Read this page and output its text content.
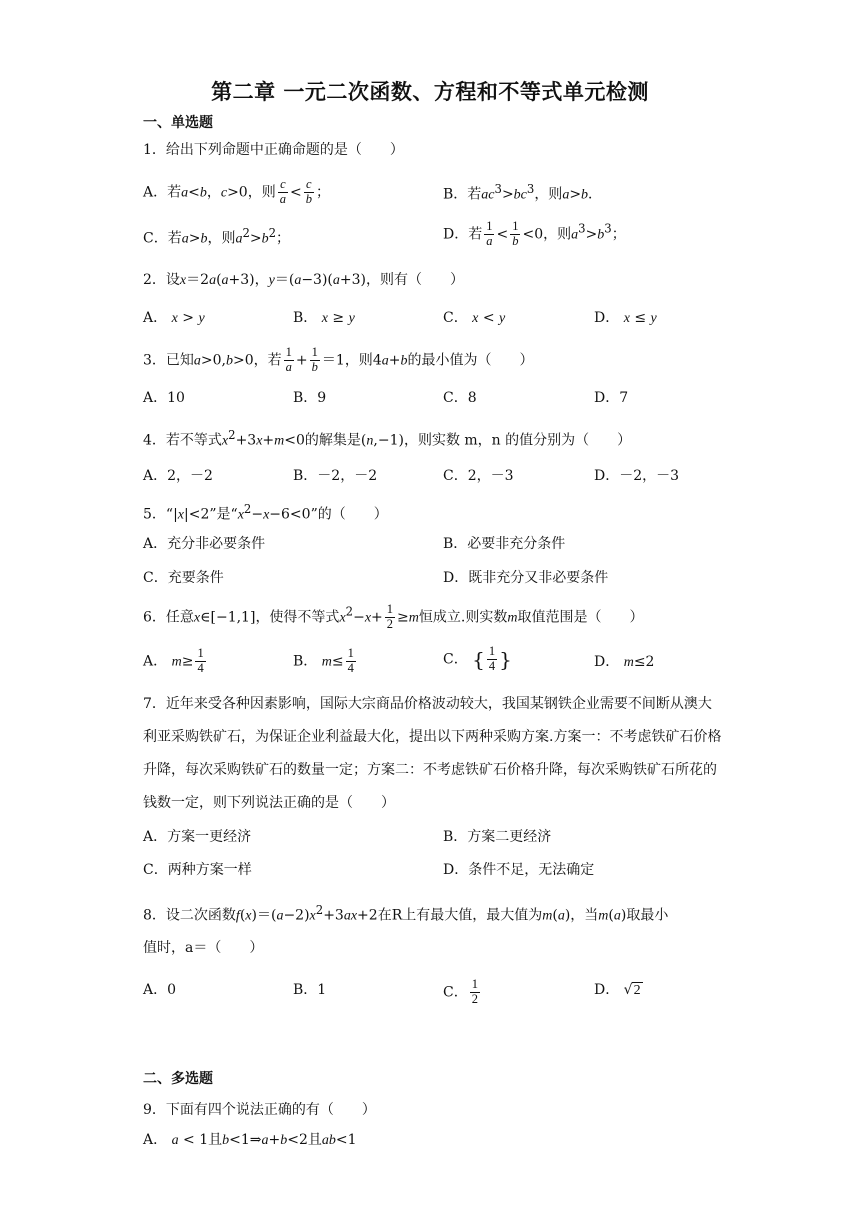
第二章 一元二次函数、方程和不等式单元检测
一、单选题
1．给出下列命题中正确命题的是（　　）
A．若a<b，c>0，则 $\frac{c}{a} < \frac{c}{b}$ ；	B．若$ac^3>bc^3$，则a>b．
C．若a>b，则$a^2>b^2$；	D．若 $\frac{1}{a} < \frac{1}{b} <0$，则$a^3>b^3$；
2．设x＝2a(a+3)，y＝(a−3)(a+3)，则有（　　）
A． x > y	B． x ≥ y	C． x < y	D． x ≤ y
3．已知a>0,b>0，若 $\frac{1}{a} + \frac{1}{b} =1$，则4a+b的最小值为（　　）
A．10	B．9	C．8	D．7
4．若不等式$x^2+3x+m<0$的解集是(n,−1)，则实数 m，n 的值分别为（　　）
A．2，－2	B．－2，－2	C．2，－3	D．－2，－3
5．“|x|<2”是“$x^2-x-6<0$”的（　　）
A．充分非必要条件	B．必要非充分条件
C．充要条件	D．既非充分又非必要条件
6．任意x∈[−1,1]，使得不等式$x^2-x+ \frac{1}{2} \ge m$恒成立.则实数m取值范围是（　　）
A． $m\ge \frac{1}{4}$	B． $m\le \frac{1}{4}$	C． { $\frac{1}{4}$ }	D． m≤2
7．近年来受各种因素影响，国际大宗商品价格波动较大，我国某钢铁企业需要不间断从澳大利亚采购铁矿石，为保证企业利益最大化，提出以下两种采购方案.方案一：不考虑铁矿石价格升降，每次采购铁矿石的数量一定；方案二：不考虑铁矿石价格升降，每次采购铁矿石所花的钱数一定，则下列说法正确的是（　　）
A．方案一更经济	B．方案二更经济
C．两种方案一样	D．条件不足，无法确定
8．设二次函数$f(x)=(a-2)x^2+3ax+2$在R上有最大值，最大值为m(a)，当m(a)取最小
值时，a＝（　　）
A．0	B．1	C． $\frac{1}{2}$	D． √2
二、多选题
9．下面有四个说法正确的有（　　）
A． a < 1且b<1⇒a+b<2且ab<1
